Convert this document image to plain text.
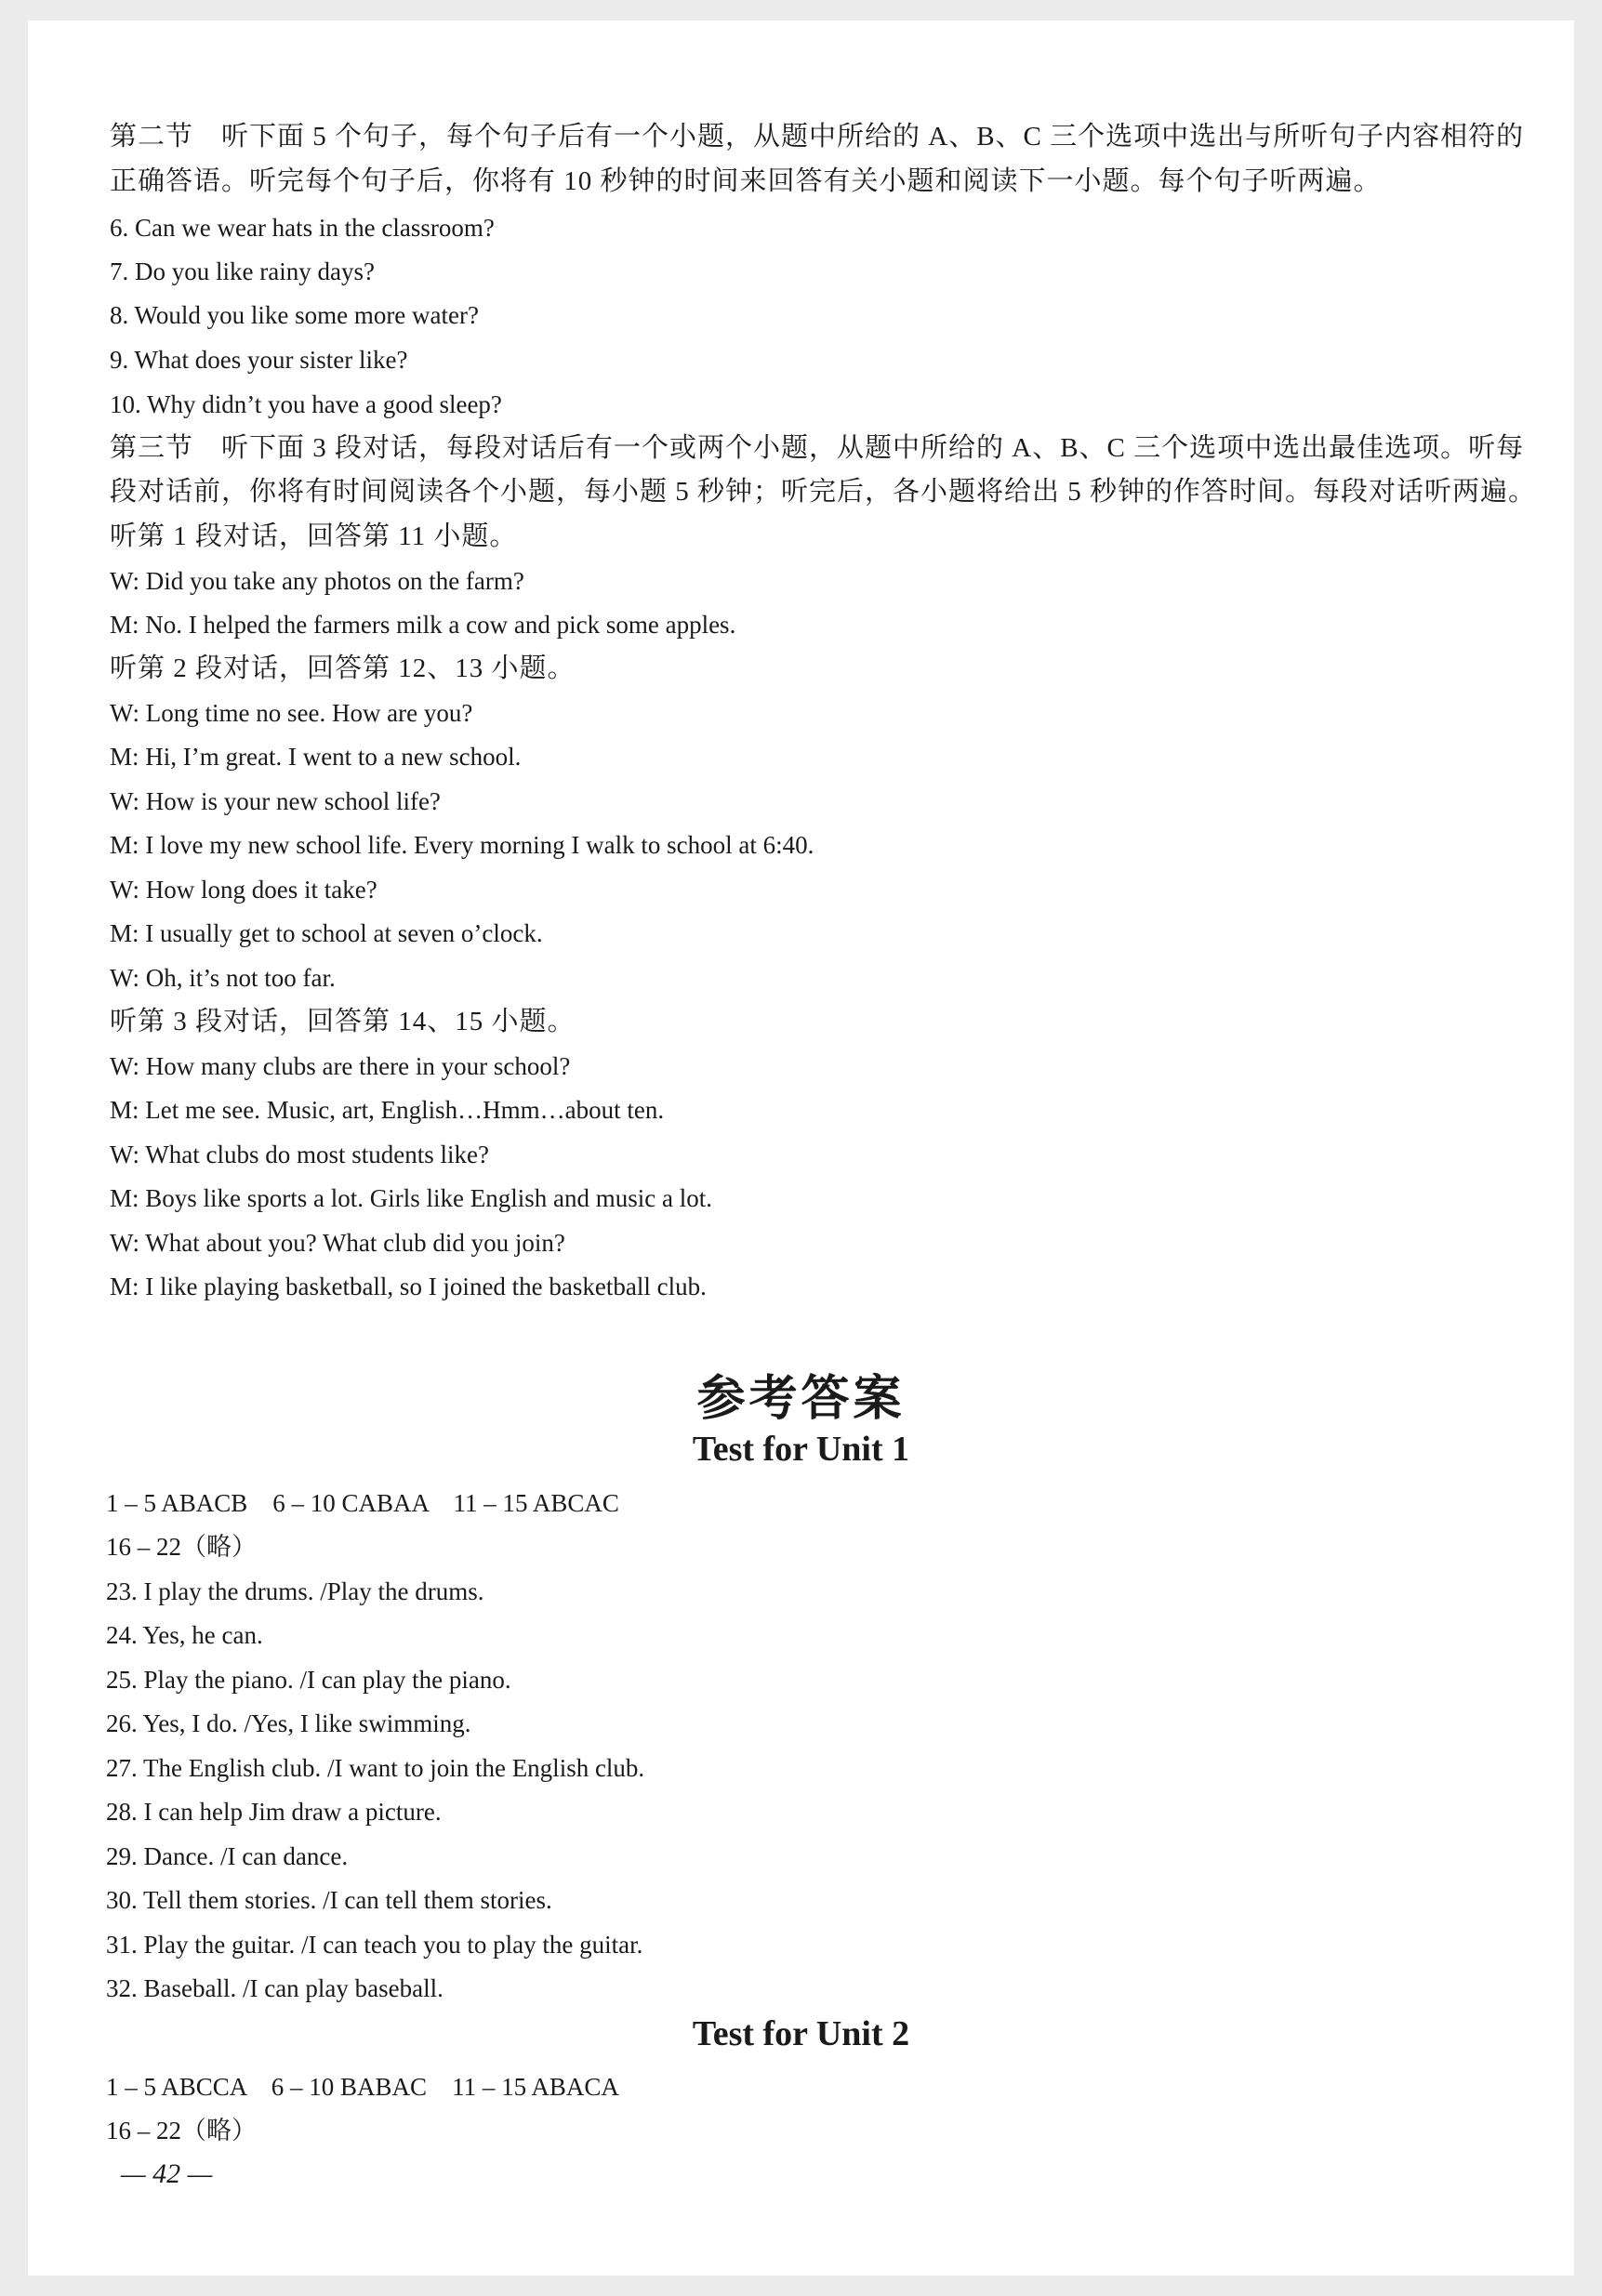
第二节　听下面 5 个句子，每个句子后有一个小题，从题中所给的 A、B、C 三个选项中选出与所听句子内容相符的
正确答语。听完每个句子后，你将有 10 秒钟的时间来回答有关小题和阅读下一小题。每个句子听两遍。
6. Can we wear hats in the classroom?
7. Do you like rainy days?
8. Would you like some more water?
9. What does your sister like?
10. Why didn’t you have a good sleep?
第三节　听下面 3 段对话，每段对话后有一个或两个小题，从题中所给的 A、B、C 三个选项中选出最佳选项。听每
段对话前，你将有时间阅读各个小题，每小题 5 秒钟；听完后，各小题将给出 5 秒钟的作答时间。每段对话听两遍。
听第 1 段对话，回答第 11 小题。
W: Did you take any photos on the farm?
M: No. I helped the farmers milk a cow and pick some apples.
听第 2 段对话，回答第 12、13 小题。
W: Long time no see. How are you?
M: Hi, I’m great. I went to a new school.
W: How is your new school life?
M: I love my new school life. Every morning I walk to school at 6:40.
W: How long does it take?
M: I usually get to school at seven o’clock.
W: Oh, it’s not too far.
听第 3 段对话，回答第 14、15 小题。
W: How many clubs are there in your school?
M: Let me see. Music, art, English…Hmm…about ten.
W: What clubs do most students like?
M: Boys like sports a lot. Girls like English and music a lot.
W: What about you? What club did you join?
M: I like playing basketball, so I joined the basketball club.
参考答案
Test for Unit 1
1 – 5 ABACB　6 – 10 CABAA　11 – 15 ABCAC
16 – 22（略）
23. I play the drums. /Play the drums.
24. Yes, he can.
25. Play the piano. /I can play the piano.
26. Yes, I do. /Yes, I like swimming.
27. The English club. /I want to join the English club.
28. I can help Jim draw a picture.
29. Dance. /I can dance.
30. Tell them stories. /I can tell them stories.
31. Play the guitar. /I can teach you to play the guitar.
32. Baseball. /I can play baseball.
Test for Unit 2
1 – 5 ABCCA　6 – 10 BABAC　11 – 15 ABACA
16 – 22（略）
— 42 —
